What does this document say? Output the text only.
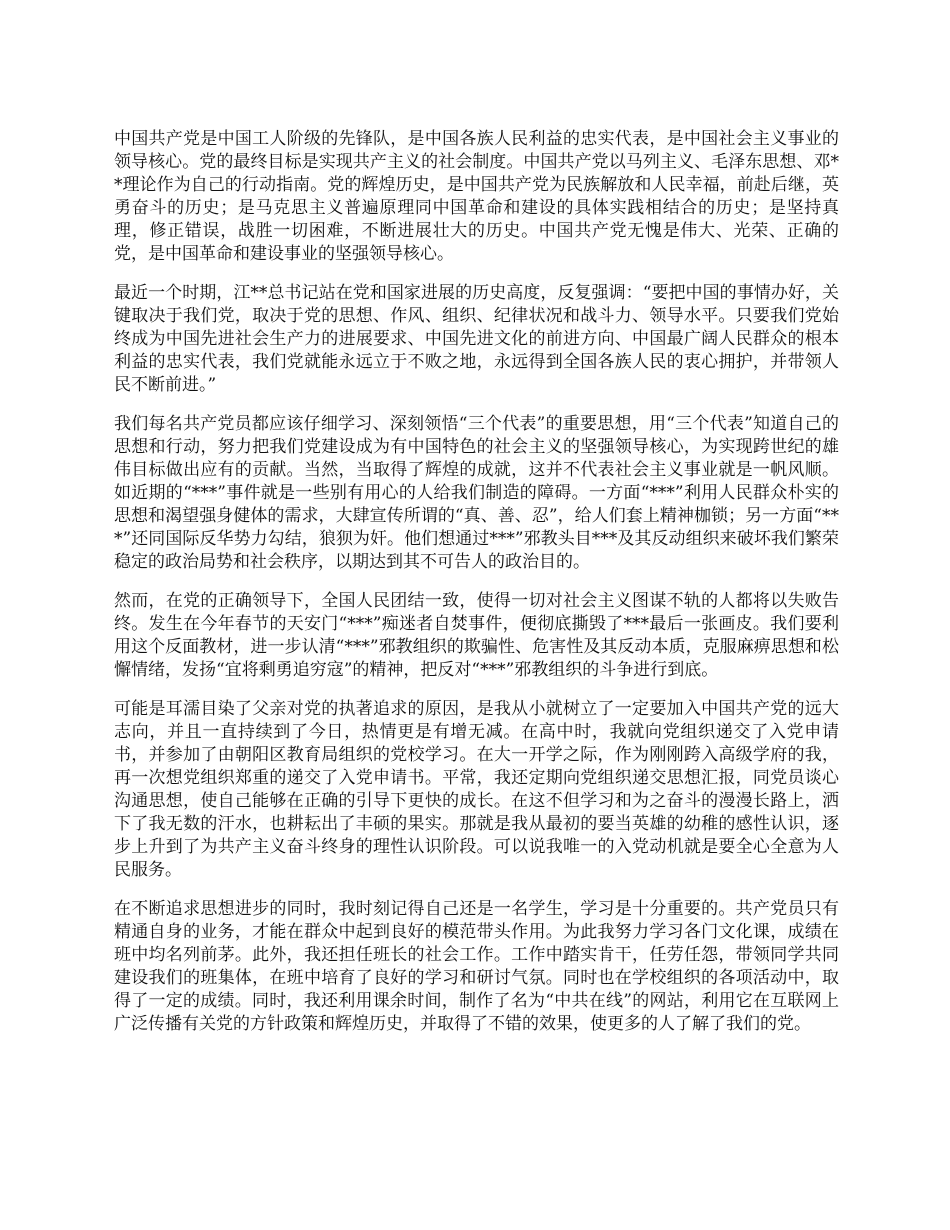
中国共产党是中国工人阶级的先锋队，是中国各族人民利益的忠实代表，是中国社会主义事业的领导核心。党的最终目标是实现共产主义的社会制度。中国共产党以马列主义、毛泽东思想、邓**理论作为自己的行动指南。党的辉煌历史，是中国共产党为民族解放和人民幸福，前赴后继，英勇奋斗的历史；是马克思主义普遍原理同中国革命和建设的具体实践相结合的历史；是坚持真理，修正错误，战胜一切困难，不断进展壮大的历史。中国共产党无愧是伟大、光荣、正确的党，是中国革命和建设事业的坚强领导核心。

最近一个时期，江**总书记站在党和国家进展的历史高度，反复强调：“要把中国的事情办好，关键取决于我们党，取决于党的思想、作风、组织、纪律状况和战斗力、领导水平。只要我们党始终成为中国先进社会生产力的进展要求、中国先进文化的前进方向、中国最广阔人民群众的根本利益的忠实代表，我们党就能永远立于不败之地，永远得到全国各族人民的衷心拥护，并带领人民不断前进。”

我们每名共产党员都应该仔细学习、深刻领悟“三个代表”的重要思想，用“三个代表”知道自己的思想和行动，努力把我们党建设成为有中国特色的社会主义的坚强领导核心，为实现跨世纪的雄伟目标做出应有的贡献。当然，当取得了辉煌的成就，这并不代表社会主义事业就是一帆风顺。如近期的“***”事件就是一些别有用心的人给我们制造的障碍。一方面“***”利用人民群众朴实的思想和渴望强身健体的需求，大肆宣传所谓的“真、善、忍”，给人们套上精神枷锁；另一方面“***”还同国际反华势力勾结，狼狈为奸。他们想通过***”邪教头目***及其反动组织来破坏我们繁荣稳定的政治局势和社会秩序，以期达到其不可告人的政治目的。

然而，在党的正确领导下，全国人民团结一致，使得一切对社会主义图谋不轨的人都将以失败告终。发生在今年春节的天安门“***”痴迷者自焚事件，便彻底撕毁了***最后一张画皮。我们要利用这个反面教材，进一步认清“***”邪教组织的欺骗性、危害性及其反动本质，克服麻痹思想和松懈情绪，发扬“宜将剩勇追穷寇”的精神，把反对“***”邪教组织的斗争进行到底。

可能是耳濡目染了父亲对党的执著追求的原因，是我从小就树立了一定要加入中国共产党的远大志向，并且一直持续到了今日，热情更是有增无减。在高中时，我就向党组织递交了入党申请书，并参加了由朝阳区教育局组织的党校学习。在大一开学之际，作为刚刚跨入高级学府的我，再一次想党组织郑重的递交了入党申请书。平常，我还定期向党组织递交思想汇报，同党员谈心沟通思想，使自己能够在正确的引导下更快的成长。在这不但学习和为之奋斗的漫漫长路上，洒下了我无数的汗水，也耕耘出了丰硕的果实。那就是我从最初的要当英雄的幼稚的感性认识，逐步上升到了为共产主义奋斗终身的理性认识阶段。可以说我唯一的入党动机就是要全心全意为人民服务。

在不断追求思想进步的同时，我时刻记得自己还是一名学生，学习是十分重要的。共产党员只有精通自身的业务，才能在群众中起到良好的模范带头作用。为此我努力学习各门文化课，成绩在班中均名列前茅。此外，我还担任班长的社会工作。工作中踏实肯干，任劳任怨，带领同学共同建设我们的班集体，在班中培育了良好的学习和研讨气氛。同时也在学校组织的各项活动中，取得了一定的成绩。同时，我还利用课余时间，制作了名为“中共在线”的网站，利用它在互联网上广泛传播有关党的方针政策和辉煌历史，并取得了不错的效果，使更多的人了解了我们的党。
